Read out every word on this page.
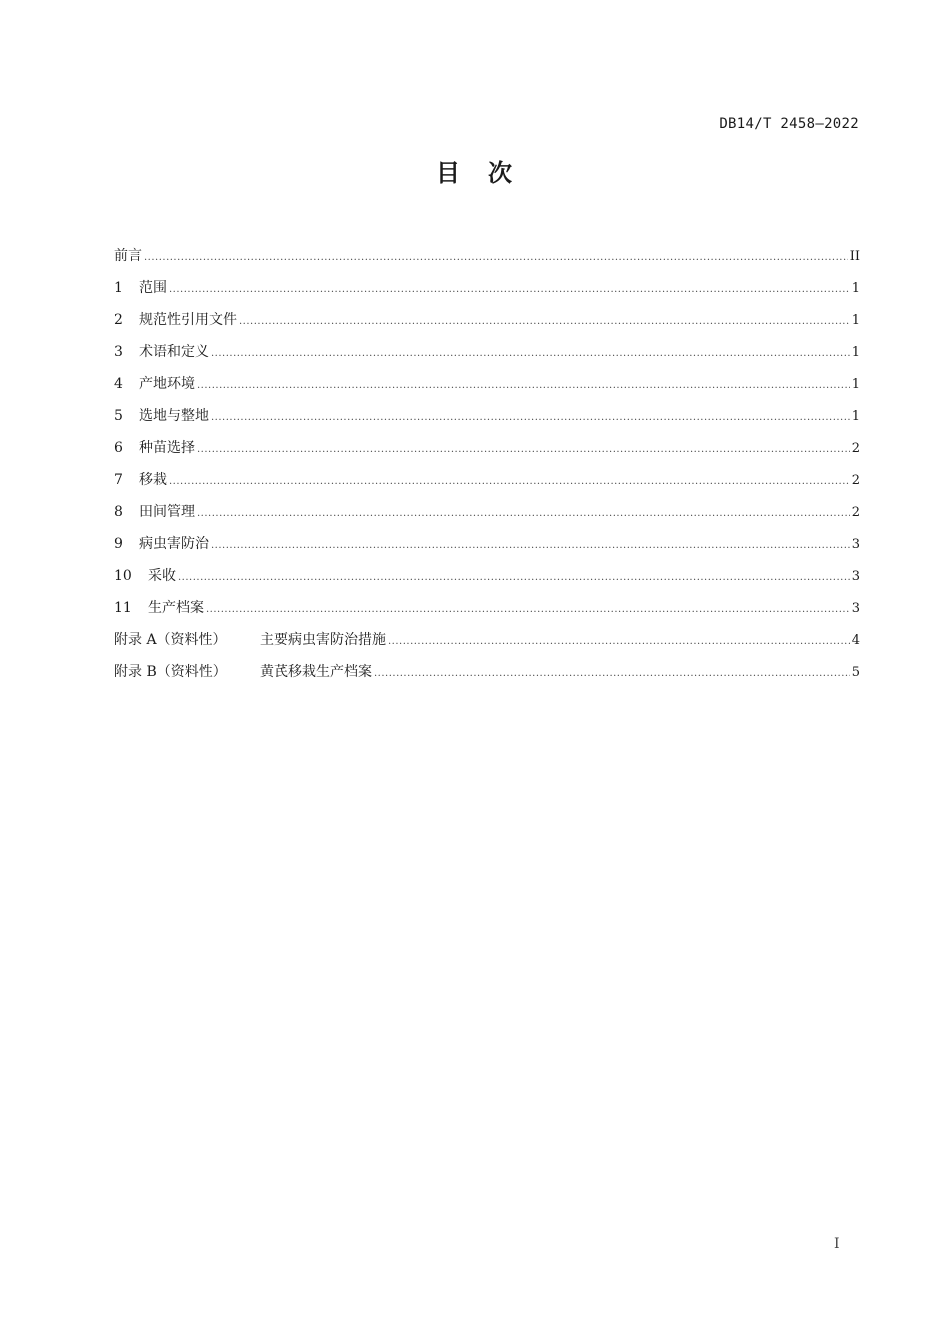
DB14/T 2458—2022
目　次
前言 .....	II
1 范围 .....	1
2 规范性引用文件 .....	1
3 术语和定义 .....	1
4 产地环境 .....	1
5 选地与整地 .....	1
6 种苗选择 .....	2
7 移栽 .....	2
8 田间管理 .....	2
9 病虫害防治 .....	3
10 采收 .....	3
11 生产档案 .....	3
附录 A（资料性） 主要病虫害防治措施 .....	4
附录 B（资料性） 黄芪移栽生产档案 .....	5
I
